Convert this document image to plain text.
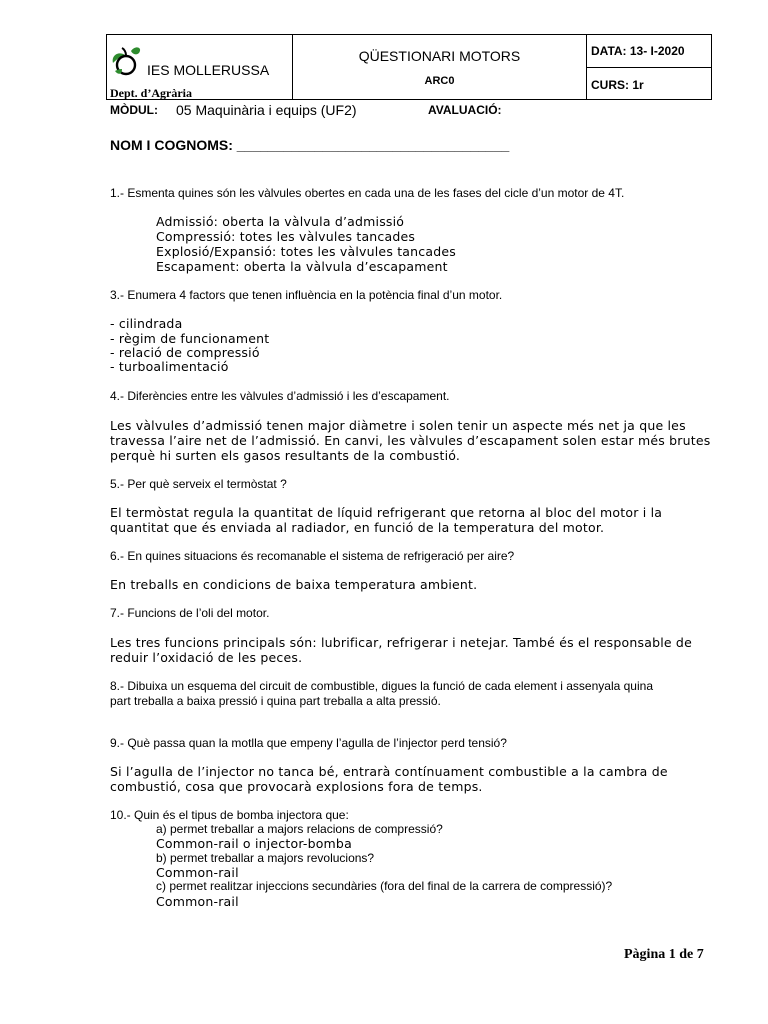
IES MOLLERUSSA
Dept. d’Agrària
QÜESTIONARI MOTORS
ARC0
DATA: 13- I-2020
CURS: 1r
MÒDUL: 05 Maquinària i equips (UF2)	AVALUACIÓ:
NOM I COGNOMS: ___________________________________
1.- Esmenta quines són les vàlvules obertes en cada una de les fases del cicle d’un motor de 4T.
Admissió: oberta la vàlvula d’admissió
Compressió: totes les vàlvules tancades
Explosió/Expansió: totes les vàlvules tancades
Escapament: oberta la vàlvula d’escapament
3.- Enumera 4 factors que tenen influència en la potència final d’un motor.
- cilindrada
- règim de funcionament
- relació de compressió
- turboalimentació
4.- Diferències entre les vàlvules d’admissió i les d’escapament.
Les vàlvules d’admissió tenen major diàmetre i solen tenir un aspecte més net ja que les
travessa l’aire net de l’admissió. En canvi, les vàlvules d’escapament solen estar més brutes
perquè hi surten els gasos resultants de la combustió.
5.- Per què serveix el termòstat ?
El termòstat regula la quantitat de líquid refrigerant que retorna al bloc del motor i la
quantitat que és enviada al radiador, en funció de la temperatura del motor.
6.- En quines situacions és recomanable el sistema de refrigeració per aire?
En treballs en condicions de baixa temperatura ambient.
7.- Funcions de l’oli del motor.
Les tres funcions principals són: lubrificar, refrigerar i netejar. També és el responsable de
reduir l’oxidació de les peces.
8.- Dibuixa un esquema del circuit de combustible, digues la funció de cada element i assenyala quina
part treballa a baixa pressió i quina part treballa a alta pressió.
9.- Què passa quan la motlla que empeny l’agulla de l’injector perd tensió?
Si l’agulla de l’injector no tanca bé, entrarà contínuament combustible a la cambra de
combustió, cosa que provocarà explosions fora de temps.
10.- Quin és el tipus de bomba injectora que:
a) permet treballar a majors relacions de compressió?
Common-rail o injector-bomba
b) permet treballar a majors revolucions?
Common-rail
c) permet realitzar injeccions secundàries (fora del final de la carrera de compressió)?
Common-rail
Pàgina 1 de 7
